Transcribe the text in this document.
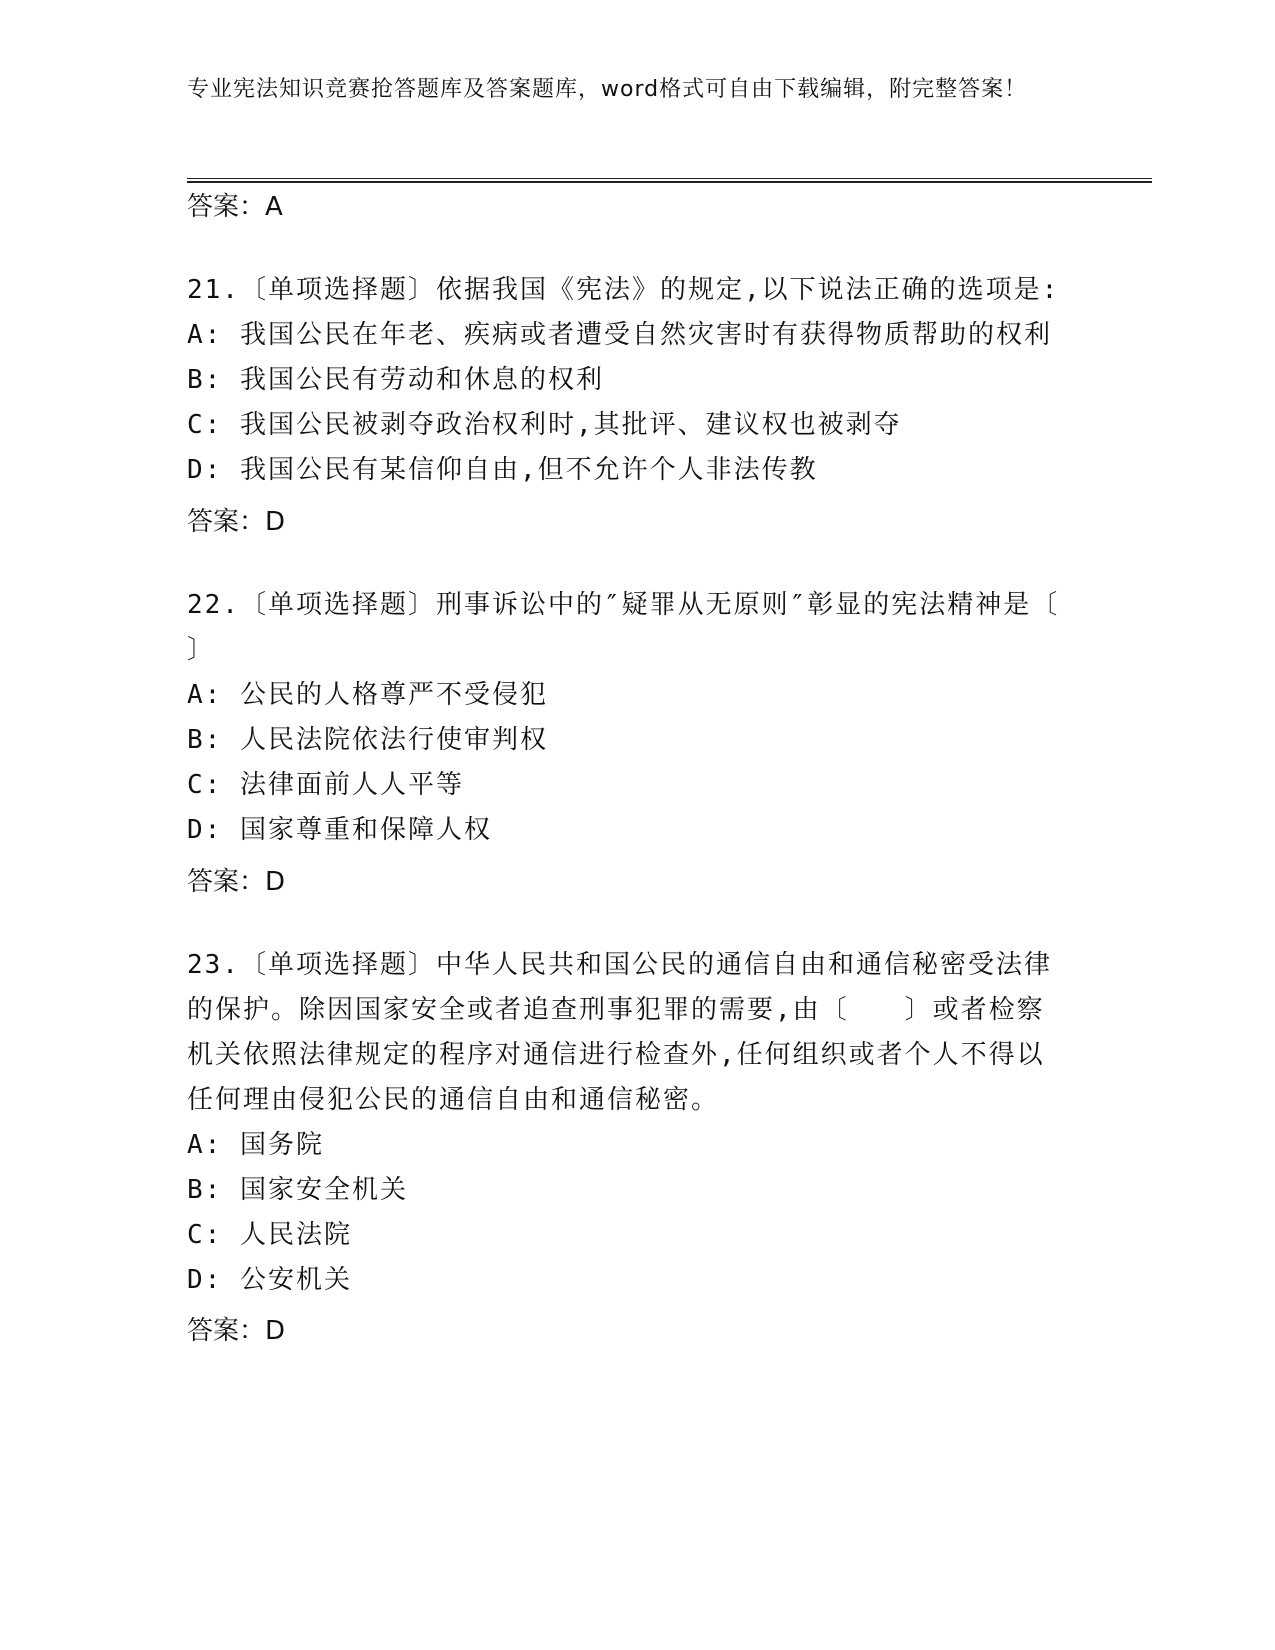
专业宪法知识竞赛抢答题库及答案题库，word格式可自由下载编辑，附完整答案！
答案：A
21.〔单项选择题〕依据我国《宪法》的规定,以下说法正确的选项是:
A: 我国公民在年老、疾病或者遭受自然灾害时有获得物质帮助的权利
B: 我国公民有劳动和休息的权利
C: 我国公民被剥夺政治权利时,其批评、建议权也被剥夺
D: 我国公民有某信仰自由,但不允许个人非法传教
答案：D
22.〔单项选择题〕刑事诉讼中的″疑罪从无原则″彰显的宪法精神是〔　　〕
A: 公民的人格尊严不受侵犯
B: 人民法院依法行使审判权
C: 法律面前人人平等
D: 国家尊重和保障人权
答案：D
23.〔单项选择题〕中华人民共和国公民的通信自由和通信秘密受法律的保护。除因国家安全或者追查刑事犯罪的需要,由〔　　〕或者检察机关依照法律规定的程序对通信进行检查外,任何组织或者个人不得以任何理由侵犯公民的通信自由和通信秘密。
A: 国务院
B: 国家安全机关
C: 人民法院
D: 公安机关
答案：D
